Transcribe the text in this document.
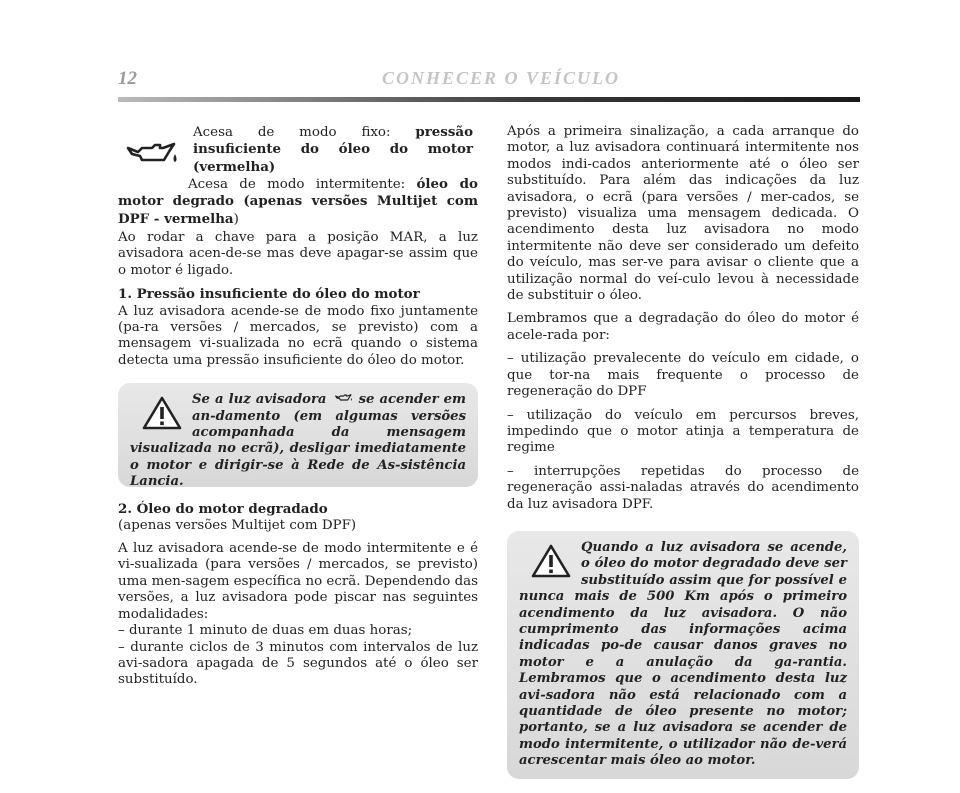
12	CONHECER O VEÍCULO

Acesa de modo fixo: pressão insuficiente do óleo do motor (vermelha)

Acesa de modo intermitente: óleo do motor degrado (apenas versões Multijet com DPF - vermelha)

Ao rodar a chave para a posição MAR, a luz avisadora acen-de-se mas deve apagar-se assim que o motor é ligado.

1. Pressão insuficiente do óleo do motor

A luz avisadora acende-se de modo fixo juntamente (pa-ra versões / mercados, se previsto) com a mensagem vi-sualizada no ecrã quando o sistema detecta uma pressão insuficiente do óleo do motor.

Se a luz avisadora  se acender em an-damento (em algumas versões acompanhada da mensagem visualizada no ecrã), desligar imediatamente o motor e dirigir-se à Rede de As-sistência Lancia.
2. Óleo do motor degradado

(apenas versões Multijet com DPF)

A luz avisadora acende-se de modo intermitente e é vi-sualizada (para versões / mercados, se previsto) uma men-sagem específica no ecrã. Dependendo das versões, a luz avisadora pode piscar nas seguintes modalidades:

– durante 1 minuto de duas em duas horas;

– durante ciclos de 3 minutos com intervalos de luz avi-sadora apagada de 5 segundos até o óleo ser substituído.

Após a primeira sinalização, a cada arranque do motor, a luz avisadora continuará intermitente nos modos indi-cados anteriormente até o óleo ser substituído. Para além das indicações da luz avisadora, o ecrã (para versões / mer-cados, se previsto) visualiza uma mensagem dedicada. O acendimento desta luz avisadora no modo intermitente não deve ser considerado um defeito do veículo, mas ser-ve para avisar o cliente que a utilização normal do veí-culo levou à necessidade de substituir o óleo.

Lembramos que a degradação do óleo do motor é acele-rada por:

– utilização prevalecente do veículo em cidade, o que tor-na mais frequente o processo de regeneração do DPF

– utilização do veículo em percursos breves, impedindo que o motor atinja a temperatura de regime

– interrupções repetidas do processo de regeneração assi-naladas através do acendimento da luz avisadora DPF.

Quando a luz avisadora se acende, o óleo do motor degradado deve ser substituído assim que for possível e nunca mais de 500 Km após o primeiro acendimento da luz avisadora. O não cumprimento das informações acima indicadas po-de causar danos graves no motor e a anulação da ga-rantia. Lembramos que o acendimento desta luz avi-sadora não está relacionado com a quantidade de óleo presente no motor; portanto, se a luz avisadora se acender de modo intermitente, o utilizador não de-verá acrescentar mais óleo ao motor.
